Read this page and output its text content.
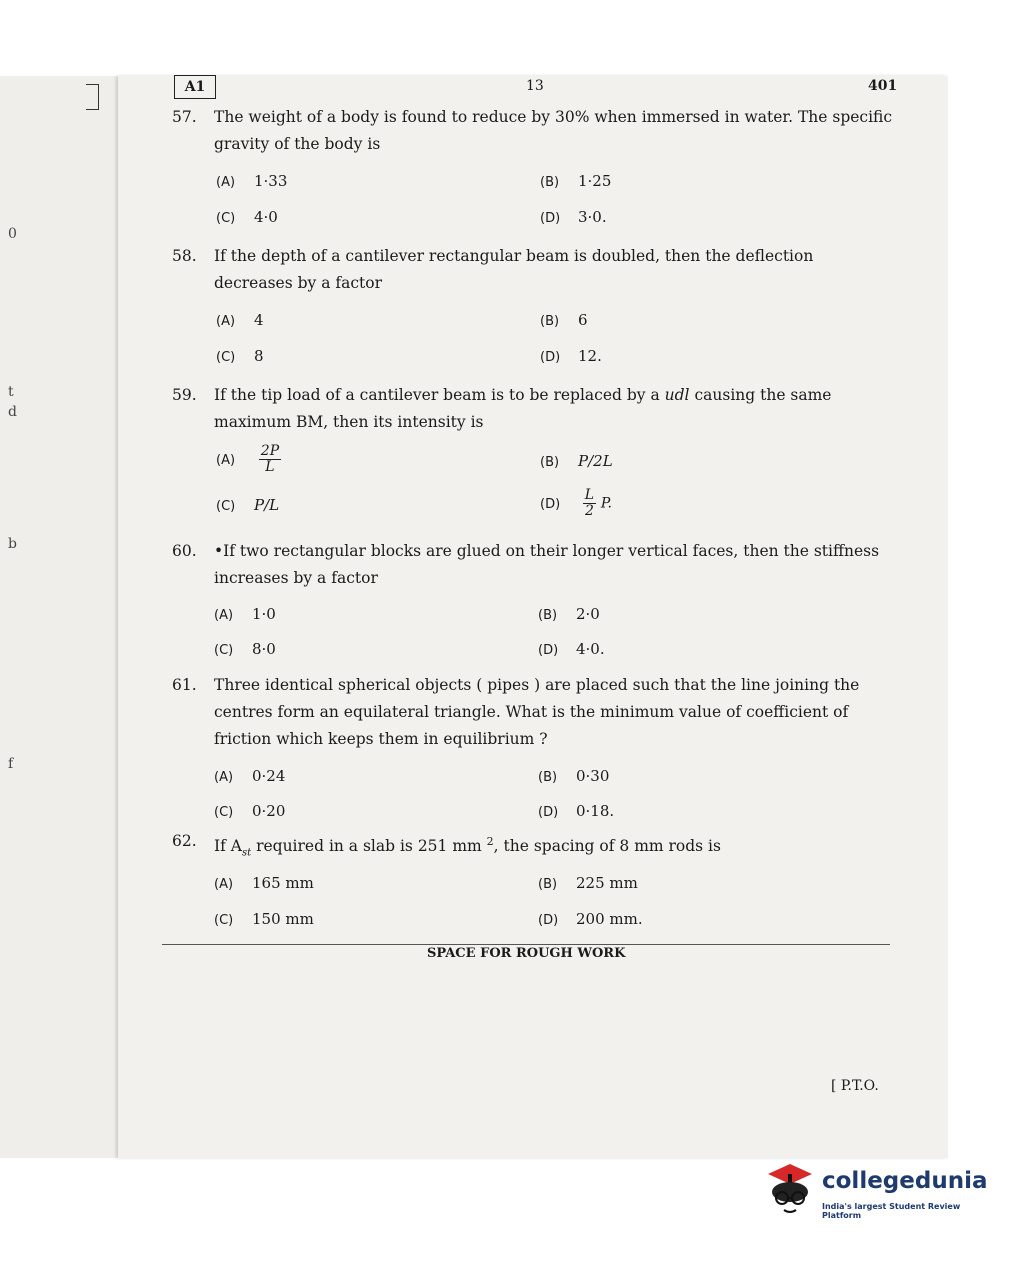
0
t
d
b
f
A1	13	401
57. The weight of a body is found to reduce by 30% when immersed in water. The specific gravity of the body is
(A) 1·33	(B) 1·25
(C) 4·0	(D) 3·0.
58. If the depth of a cantilever rectangular beam is doubled, then the deflection decreases by a factor
(A) 4	(B) 6
(C) 8	(D) 12.
59. If the tip load of a cantilever beam is to be replaced by a udl causing the same maximum BM, then its intensity is
$(A) \frac{2P}{L}$	(B) P/2L
(C) P/L	$(D) \frac{L}{2} P$.
60. •If two rectangular blocks are glued on their longer vertical faces, then the stiffness increases by a factor
(A) 1·0	(B) 2·0
(C) 8·0	(D) 4·0.
61. Three identical spherical objects ( pipes ) are placed such that the line joining the centres form an equilateral triangle. What is the minimum value of coefficient of friction which keeps them in equilibrium ?
(A) 0·24	(B) 0·30
(C) 0·20	(D) 0·18.
62. If $A_{st}$ required in a slab is 251 mm $^2$, the spacing of 8 mm rods is
(A) 165 mm	(B) 225 mm
(C) 150 mm	(D) 200 mm.
SPACE FOR ROUGH WORK
[ P.T.O.
collegedunia
India's largest Student Review Platform
